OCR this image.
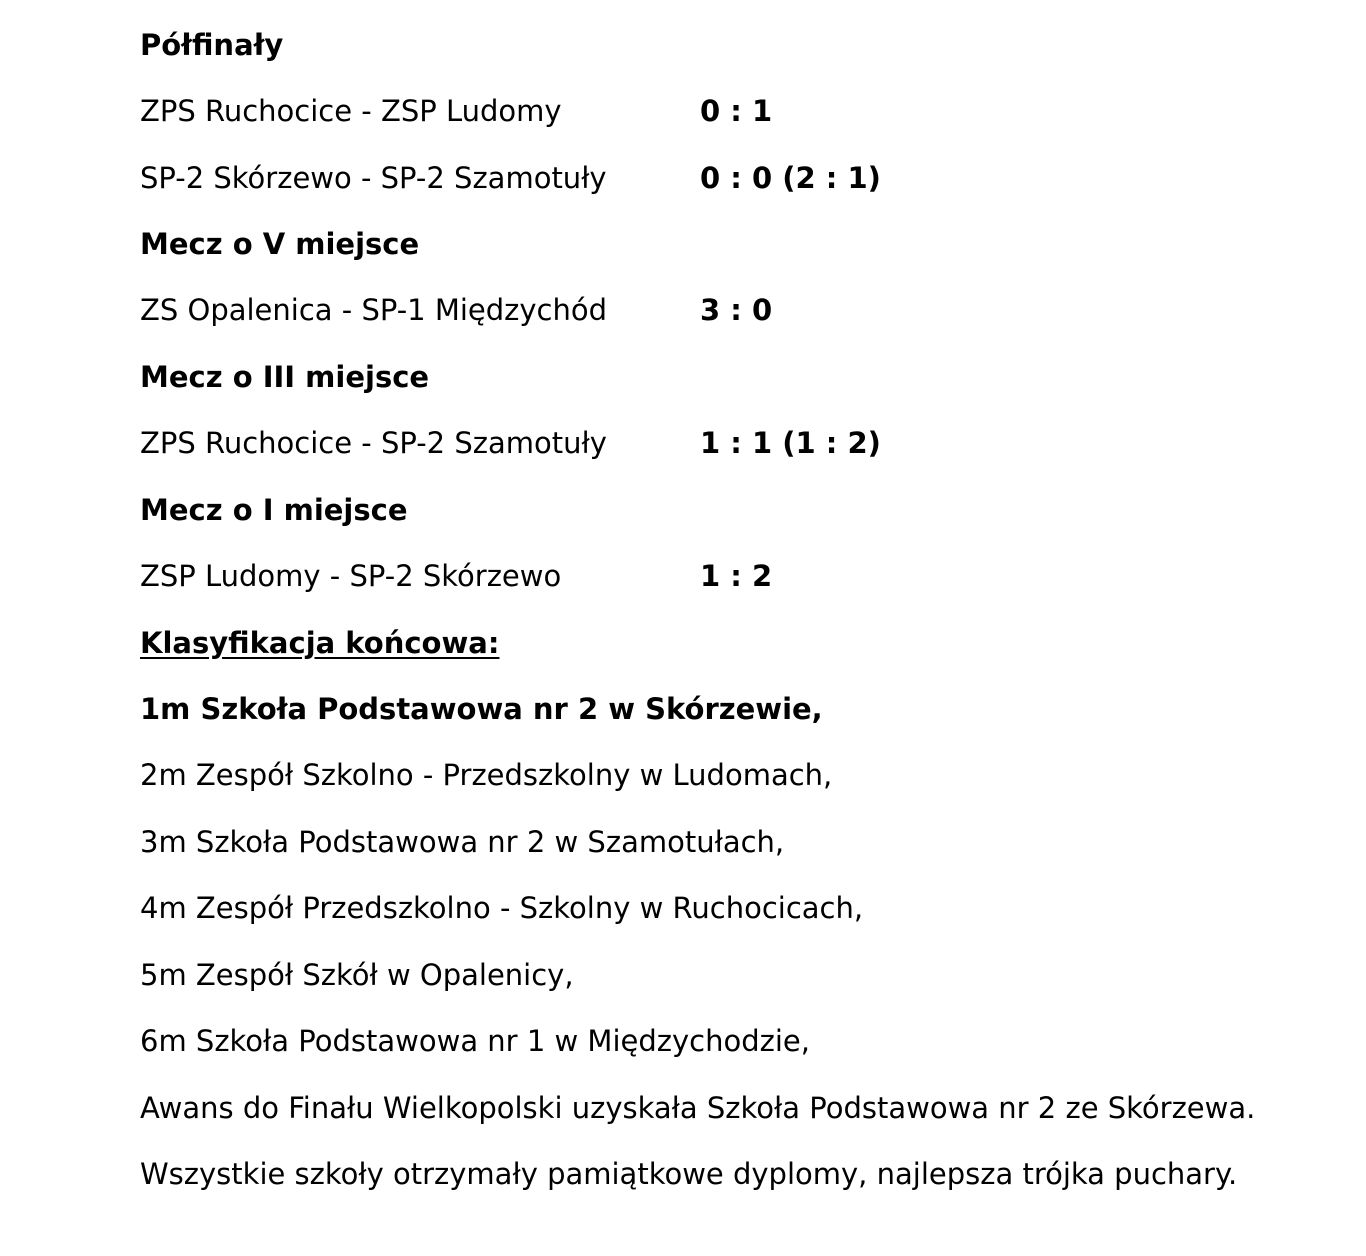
Półfinały
ZPS Ruchocice - ZSP Ludomy	0 : 1
SP-2 Skórzewo - SP-2 Szamotuły	0 : 0 (2 : 1)
Mecz o V miejsce
ZS Opalenica - SP-1 Międzychód	3 : 0
Mecz o III miejsce
ZPS Ruchocice - SP-2 Szamotuły	1 : 1 (1 : 2)
Mecz o I miejsce
ZSP Ludomy - SP-2 Skórzewo	1 : 2
Klasyfikacja końcowa:
1m Szkoła Podstawowa nr 2 w Skórzewie,
2m Zespół Szkolno - Przedszkolny w Ludomach,
3m Szkoła Podstawowa nr 2 w Szamotułach,
4m Zespół Przedszkolno - Szkolny w Ruchocicach,
5m Zespół Szkół w Opalenicy,
6m Szkoła Podstawowa nr 1 w Międzychodzie,
Awans do Finału Wielkopolski uzyskała Szkoła Podstawowa nr 2 ze Skórzewa.
Wszystkie szkoły otrzymały pamiątkowe dyplomy, najlepsza trójka puchary.
